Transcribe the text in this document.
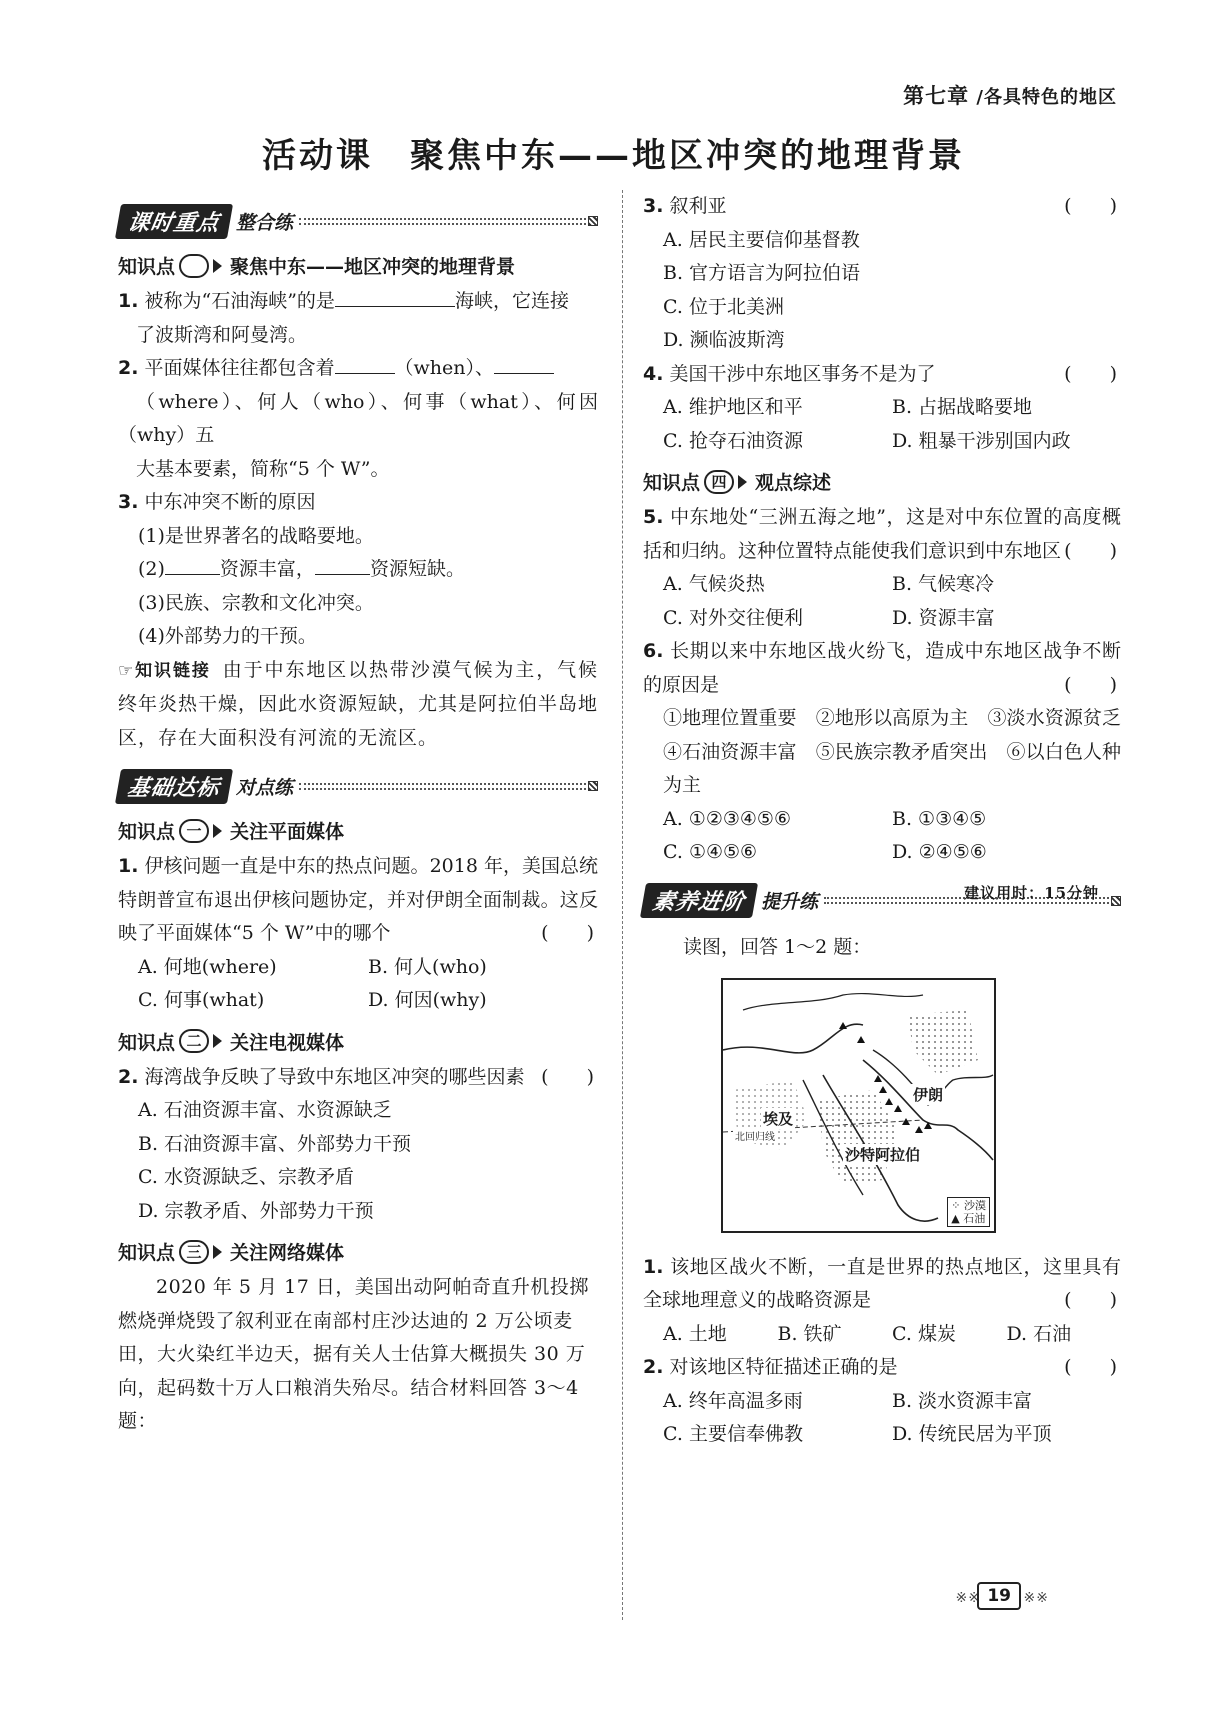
第七章 /各具特色的地区
活动课　聚焦中东——地区冲突的地理背景
课时重点 整合练
知识点	聚焦中东——地区冲突的地理背景
1. 被称为“石油海峡”的是	海峡，它连接
了波斯湾和阿曼湾。
2. 平面媒体往往都包含着	（when）、
（where）、何人（who）、何事（what）、何因（why）五
大基本要素，简称“5 个 W”。
3. 中东冲突不断的原因
(1)是世界著名的战略要地。
(2)	资源丰富，	资源短缺。
(3)民族、宗教和文化冲突。
(4)外部势力的干预。
☞知识链接 由于中东地区以热带沙漠气候为主，气候终年炎热干燥，因此水资源短缺，尤其是阿拉伯半岛地区，存在大面积没有河流的无流区。
基础达标 对点练
知识点 一	关注平面媒体
1. 伊核问题一直是中东的热点问题。2018 年，美国总统特朗普宣布退出伊核问题协定，并对伊朗全面制裁。这反映了平面媒体“5 个 W”中的哪个	(　　)
A. 何地(where)	B. 何人(who)
C. 何事(what)	D. 何因(why)
知识点 二	关注电视媒体
2. 海湾战争反映了导致中东地区冲突的哪些因素 (　　)
A. 石油资源丰富、水资源缺乏
B. 石油资源丰富、外部势力干预
C. 水资源缺乏、宗教矛盾
D. 宗教矛盾、外部势力干预
知识点 三	关注网络媒体
2020 年 5 月 17 日，美国出动阿帕奇直升机投掷燃烧弹烧毁了叙利亚在南部村庄沙达迪的 2 万公顷麦田，大火染红半边天，据有关人士估算大概损失 30 万向，起码数十万人口粮消失殆尽。结合材料回答 3～4 题：
3. 叙利亚	(　　)
A. 居民主要信仰基督教
B. 官方语言为阿拉伯语
C. 位于北美洲
D. 濒临波斯湾
4. 美国干涉中东地区事务不是为了	(　　)
A. 维护地区和平	B. 占据战略要地
C. 抢夺石油资源	D. 粗暴干涉别国内政
知识点 四	观点综述
5. 中东地处“三洲五海之地”，这是对中东位置的高度概括和归纳。这种位置特点能使我们意识到中东地区 (　　)
A. 气候炎热	B. 气候寒冷
C. 对外交往便利	D. 资源丰富
6. 长期以来中东地区战火纷飞，造成中东地区战争不断的原因是	(　　)
①地理位置重要　②地形以高原为主　③淡水资源贫乏　④石油资源丰富　⑤民族宗教矛盾突出　⑥以白色人种为主
A. ①②③④⑤⑥	B. ①③④⑤
C. ①④⑤⑥	D. ②④⑤⑥
素养进阶 提升练	建议用时：15分钟
读图，回答 1～2 题：
伊朗
埃及
沙特阿拉伯
北回归线
⁘ 沙漠
▲ 石油
1. 该地区战火不断，一直是世界的热点地区，这里具有全球地理意义的战略资源是	(　　)
A. 土地	B. 铁矿	C. 煤炭	D. 石油
2. 对该地区特征描述正确的是	(　　)
A. 终年高温多雨	B. 淡水资源丰富
C. 主要信奉佛教	D. 传统民居为平顶
※※ 19 ※※
